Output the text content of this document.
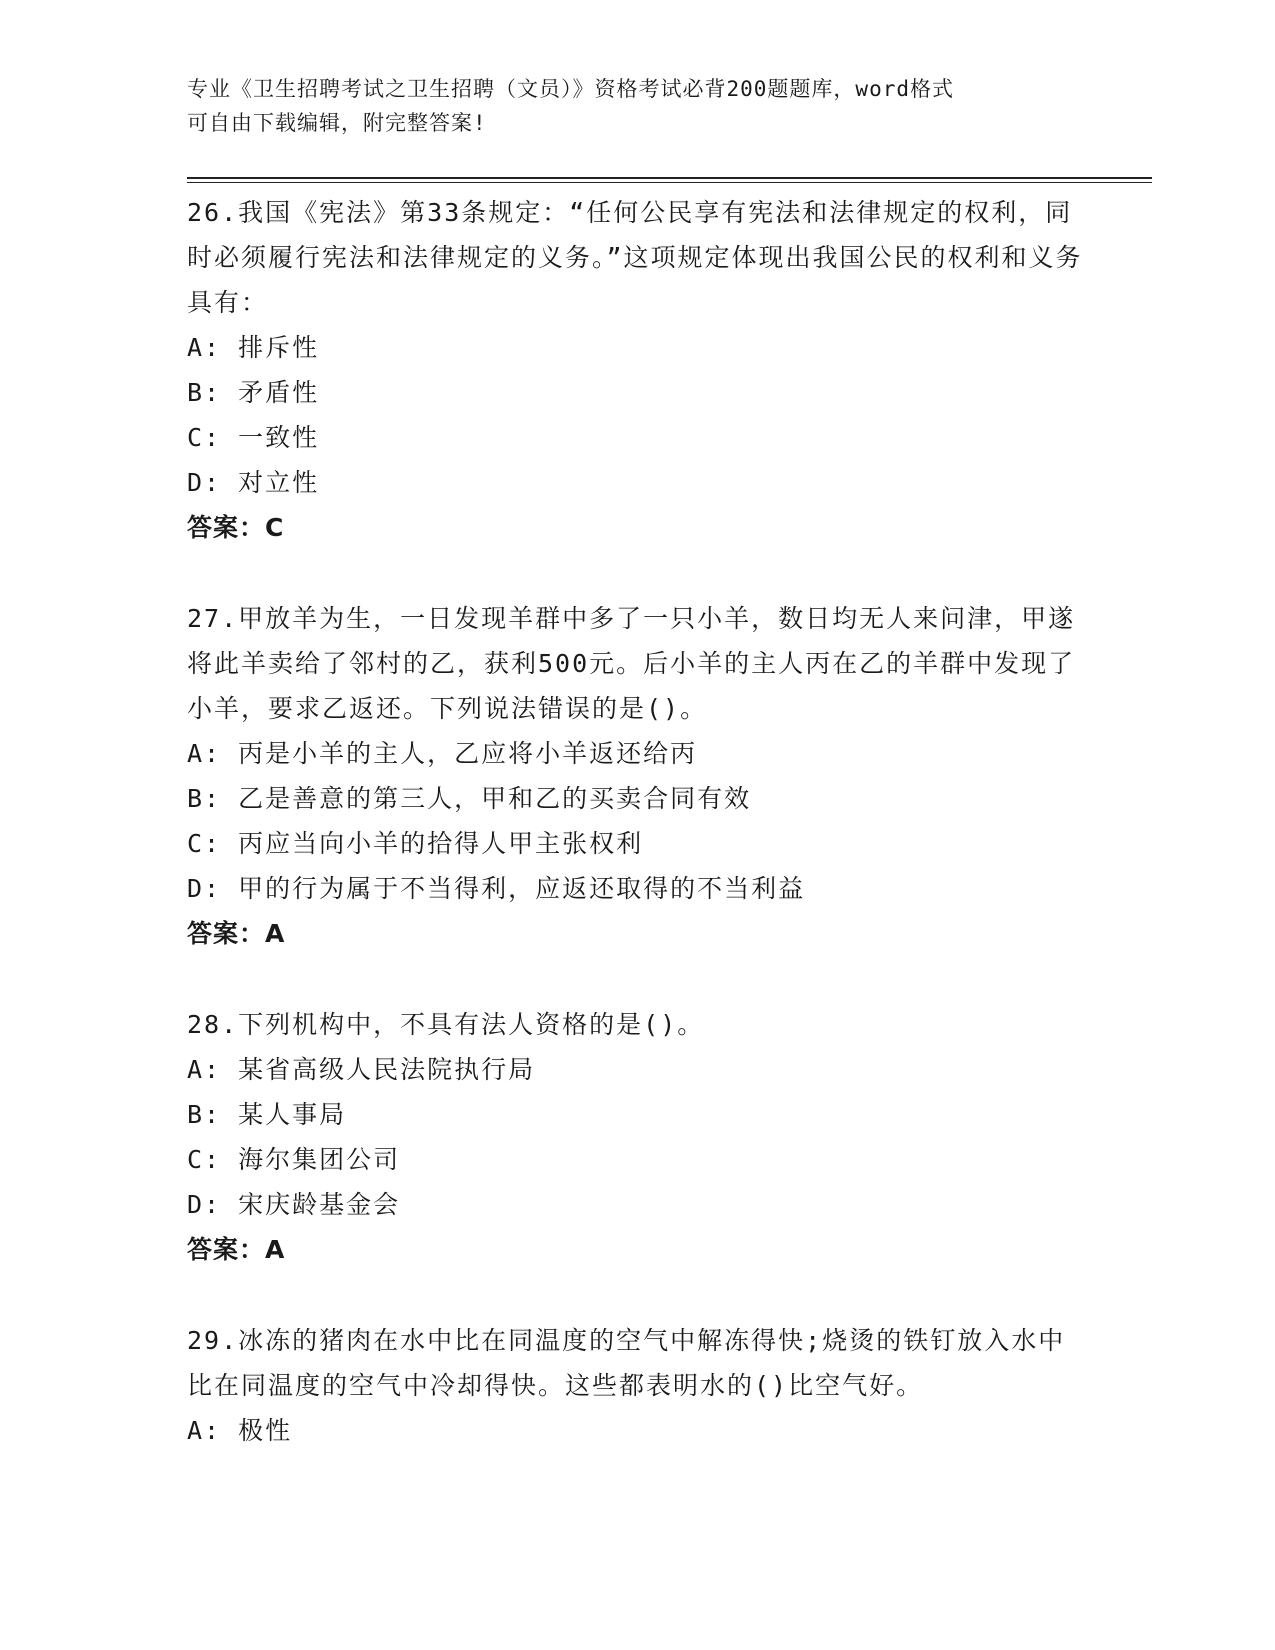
专业《卫生招聘考试之卫生招聘（文员）》资格考试必背200题题库，word格式
可自由下载编辑，附完整答案!

26.我国《宪法》第33条规定：“任何公民享有宪法和法律规定的权利，同时必须履行宪法和法律规定的义务。”这项规定体现出我国公民的权利和义务具有：

A: 排斥性

B: 矛盾性

C: 一致性

D: 对立性

答案：C

27.甲放羊为生，一日发现羊群中多了一只小羊，数日均无人来问津，甲遂将此羊卖给了邻村的乙，获利500元。后小羊的主人丙在乙的羊群中发现了小羊，要求乙返还。下列说法错误的是()。

A: 丙是小羊的主人，乙应将小羊返还给丙

B: 乙是善意的第三人，甲和乙的买卖合同有效

C: 丙应当向小羊的拾得人甲主张权利

D: 甲的行为属于不当得利，应返还取得的不当利益

答案：A

28.下列机构中，不具有法人资格的是()。

A: 某省高级人民法院执行局

B: 某人事局

C: 海尔集团公司

D: 宋庆龄基金会

答案：A

29.冰冻的猪肉在水中比在同温度的空气中解冻得快;烧烫的铁钉放入水中比在同温度的空气中冷却得快。这些都表明水的()比空气好。

A: 极性
